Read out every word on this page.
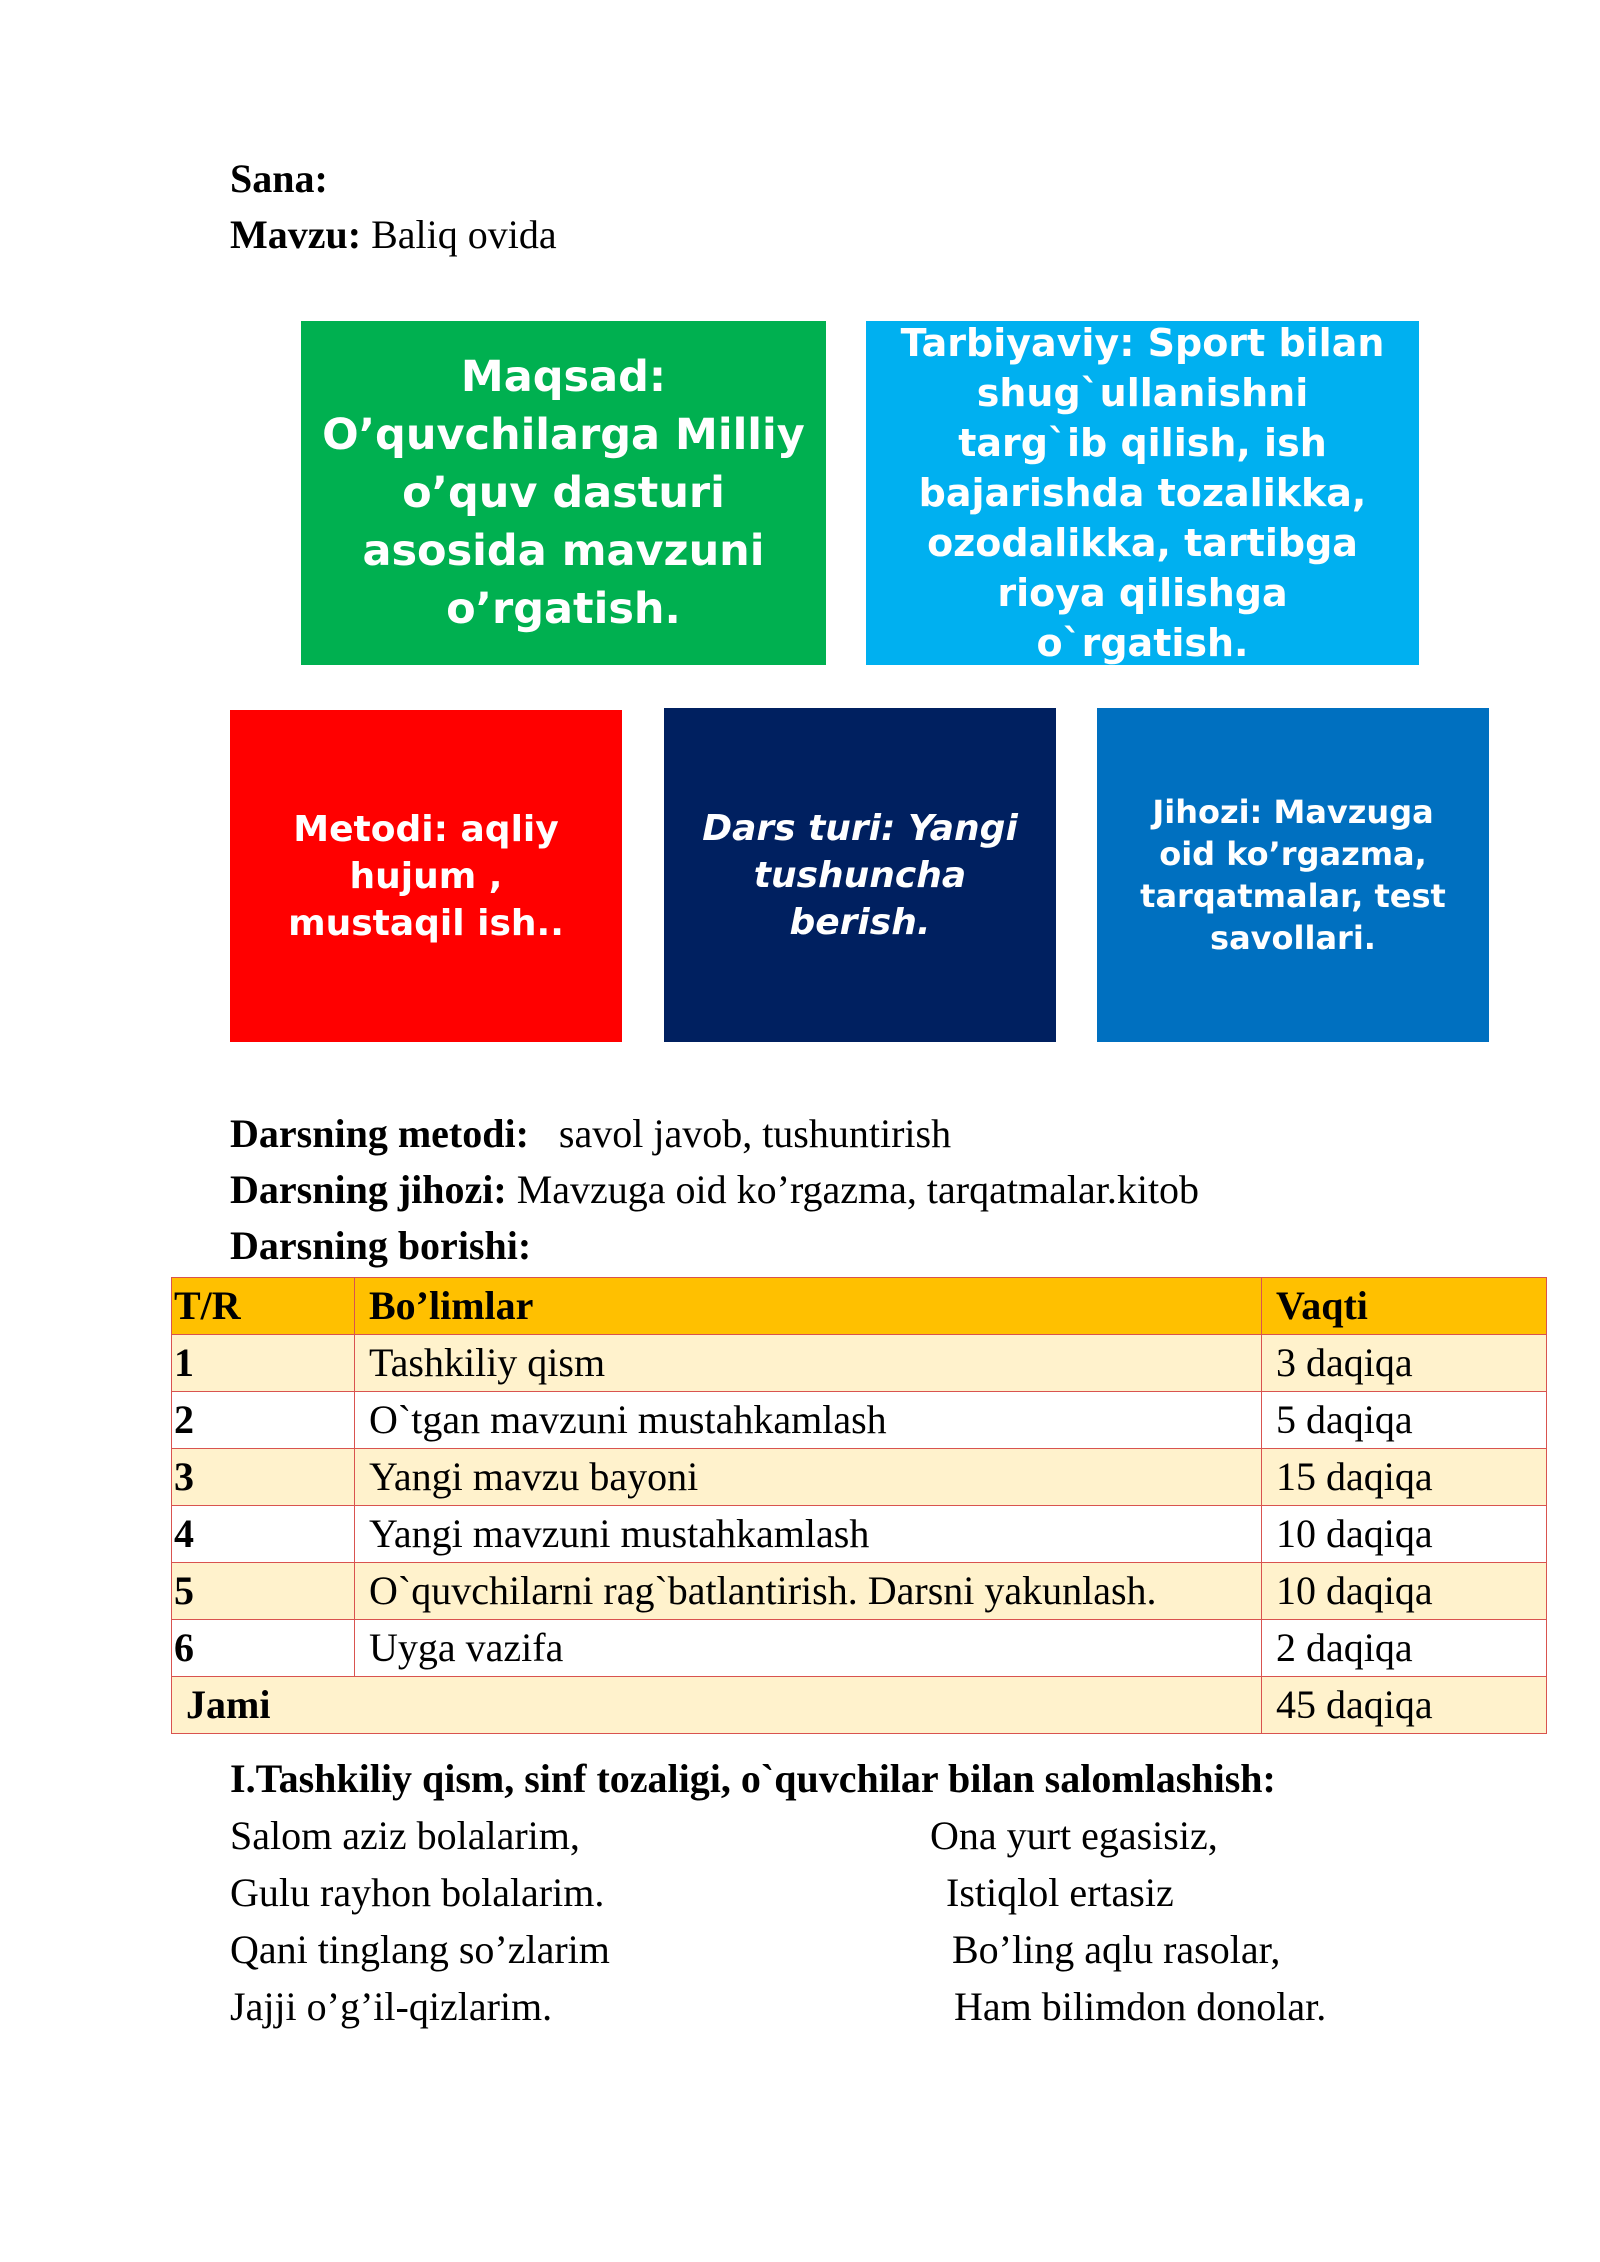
Sana:
Mavzu: Baliq ovida
Maqsad: O’quvchilarga Milliy o’quv dasturi asosida mavzuni o’rgatish.
Tarbiyaviy: Sport bilan shug`ullanishni targ`ib qilish, ish bajarishda tozalikka, ozodalikka, tartibga rioya qilishga o`rgatish.
Metodi: aqliy hujum , mustaqil ish..
Dars turi: Yangi tushuncha berish.
Jihozi: Mavzuga oid ko’rgazma, tarqatmalar, test savollari.
Darsning metodi:   savol javob, tushuntirish
Darsning jihozi: Mavzuga oid ko’rgazma, tarqatmalar.kitob
Darsning borishi:
T/R	Bo’limlar	Vaqti
1	Tashkiliy qism	3 daqiqa
2	O`tgan mavzuni mustahkamlash	5 daqiqa
3	Yangi mavzu bayoni	15 daqiqa
4	Yangi mavzuni mustahkamlash	10 daqiqa
5	O`quvchilarni rag`batlantirish. Darsni yakunlash.	10 daqiqa
6	Uyga vazifa	2 daqiqa
Jami		45 daqiqa
I.Tashkiliy qism, sinf tozaligi, o`quvchilar bilan salomlashish:
Salom aziz bolalarim,
Gulu rayhon bolalarim.
Qani tinglang so’zlarim
Jajji o’g’il-qizlarim.
Ona yurt egasisiz,
Istiqlol ertasiz
Bo’ling aqlu rasolar,
Ham bilimdon donolar.
